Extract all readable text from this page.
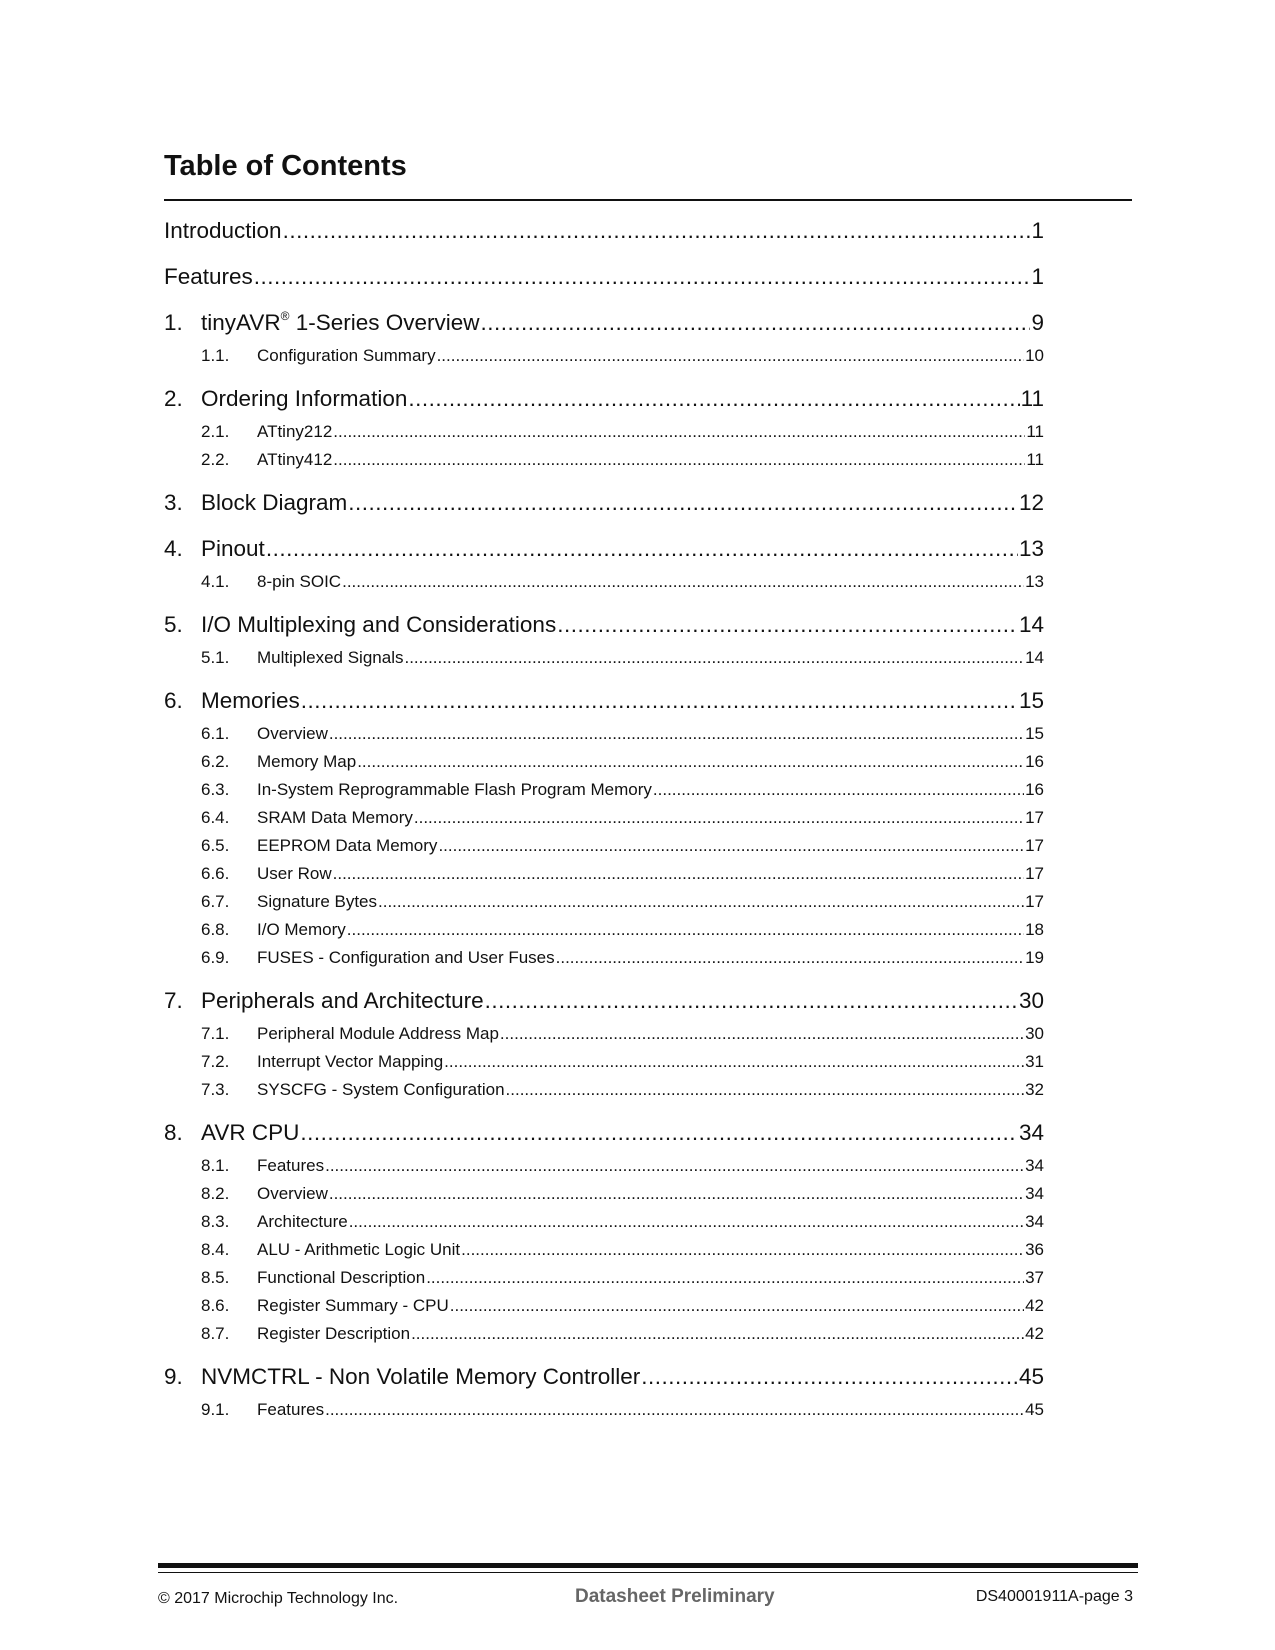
Table of Contents
Introduction .....	1
Features .....	1
1. tinyAVR® 1-Series Overview .....	9
1.1.	Configuration Summary .....	10
2. Ordering Information .....	11
2.1.	ATtiny212 .....	11
2.2.	ATtiny412 .....	11
3. Block Diagram .....	12
4. Pinout .....	13
4.1.	8-pin SOIC .....	13
5. I/O Multiplexing and Considerations .....	14
5.1.	Multiplexed Signals .....	14
6. Memories .....	15
6.1.	Overview .....	15
6.2.	Memory Map .....	16
6.3.	In-System Reprogrammable Flash Program Memory .....	16
6.4.	SRAM Data Memory .....	17
6.5.	EEPROM Data Memory .....	17
6.6.	User Row .....	17
6.7.	Signature Bytes .....	17
6.8.	I/O Memory .....	18
6.9.	FUSES - Configuration and User Fuses .....	19
7. Peripherals and Architecture .....	30
7.1.	Peripheral Module Address Map .....	30
7.2.	Interrupt Vector Mapping .....	31
7.3.	SYSCFG - System Configuration .....	32
8. AVR CPU .....	34
8.1.	Features .....	34
8.2.	Overview .....	34
8.3.	Architecture .....	34
8.4.	ALU - Arithmetic Logic Unit .....	36
8.5.	Functional Description .....	37
8.6.	Register Summary - CPU .....	42
8.7.	Register Description .....	42
9. NVMCTRL - Non Volatile Memory Controller .....	45
9.1.	Features .....	45
© 2017 Microchip Technology Inc.	Datasheet Preliminary	DS40001911A-page 3
